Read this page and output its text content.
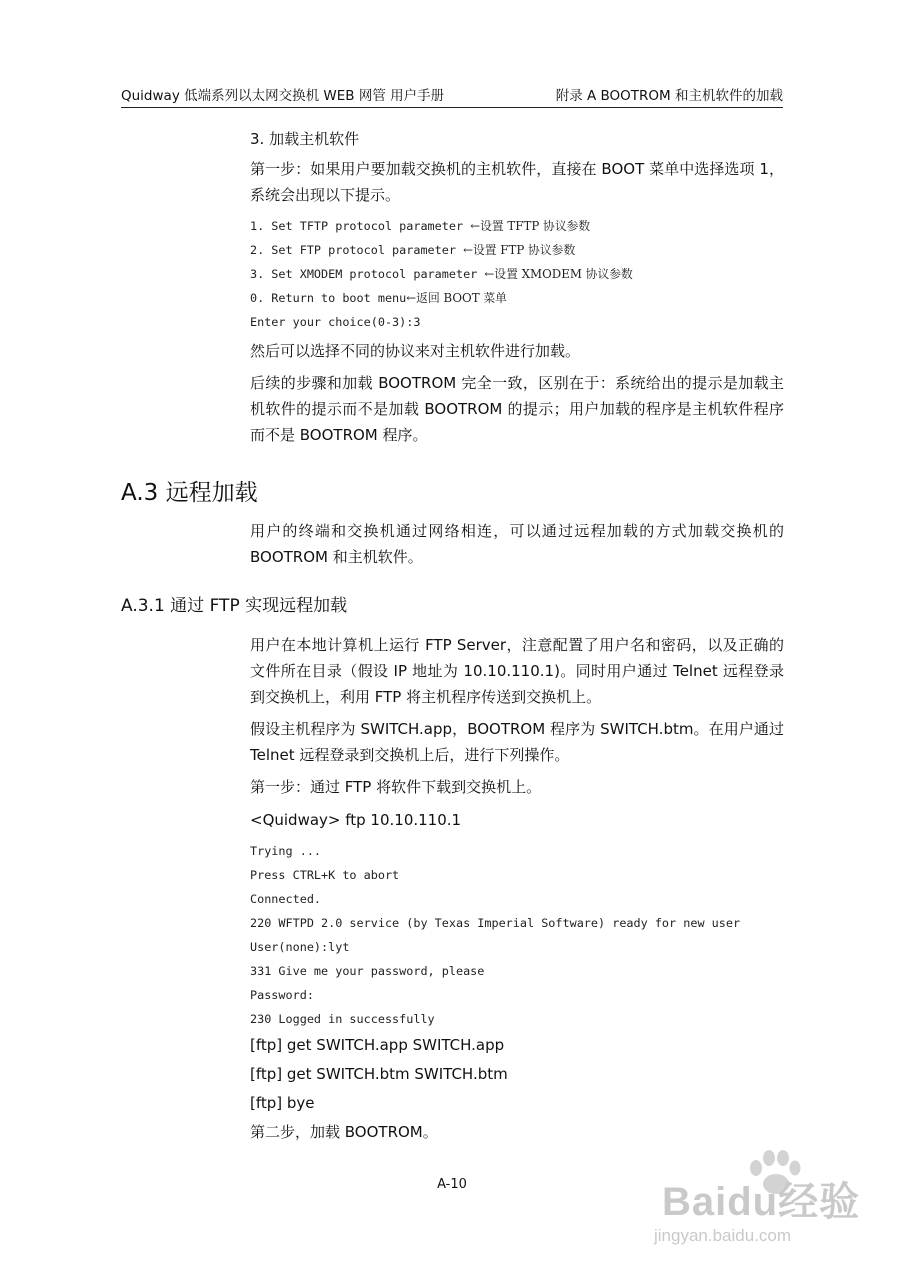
Quidway 低端系列以太网交换机 WEB 网管 用户手册	附录 A BOOTROM 和主机软件的加载
3. 加载主机软件

第一步：如果用户要加载交换机的主机软件，直接在 BOOT 菜单中选择选项 1，系统会出现以下提示。

1. Set TFTP protocol parameter ←设置 TFTP 协议参数
2. Set FTP protocol parameter ←设置 FTP 协议参数
3. Set XMODEM protocol parameter ←设置 XMODEM 协议参数
0. Return to boot menu←返回 BOOT 菜单
Enter your choice(0-3):3

然后可以选择不同的协议来对主机软件进行加载。

后续的步骤和加载 BOOTROM 完全一致，区别在于：系统给出的提示是加载主机软件的提示而不是加载 BOOTROM 的提示；用户加载的程序是主机软件程序而不是 BOOTROM 程序。

A.3 远程加载

用户的终端和交换机通过网络相连，可以通过远程加载的方式加载交换机的 BOOTROM 和主机软件。

A.3.1 通过 FTP 实现远程加载

用户在本地计算机上运行 FTP Server，注意配置了用户名和密码，以及正确的文件所在目录（假设 IP 地址为 10.10.110.1)。同时用户通过 Telnet 远程登录到交换机上，利用 FTP 将主机程序传送到交换机上。

假设主机程序为 SWITCH.app，BOOTROM 程序为 SWITCH.btm。在用户通过 Telnet 远程登录到交换机上后，进行下列操作。

第一步：通过 FTP 将软件下载到交换机上。

<Quidway> ftp 10.10.110.1

Trying ...
Press CTRL+K to abort
Connected.
220 WFTPD 2.0 service (by Texas Imperial Software) ready for new user
User(none):lyt
331 Give me your password, please
Password:
230 Logged in successfully

[ftp] get SWITCH.app SWITCH.app

[ftp] get SWITCH.btm SWITCH.btm

[ftp] bye

第二步，加载 BOOTROM。

A-10	Baidu经验
jingyan.baidu.com
